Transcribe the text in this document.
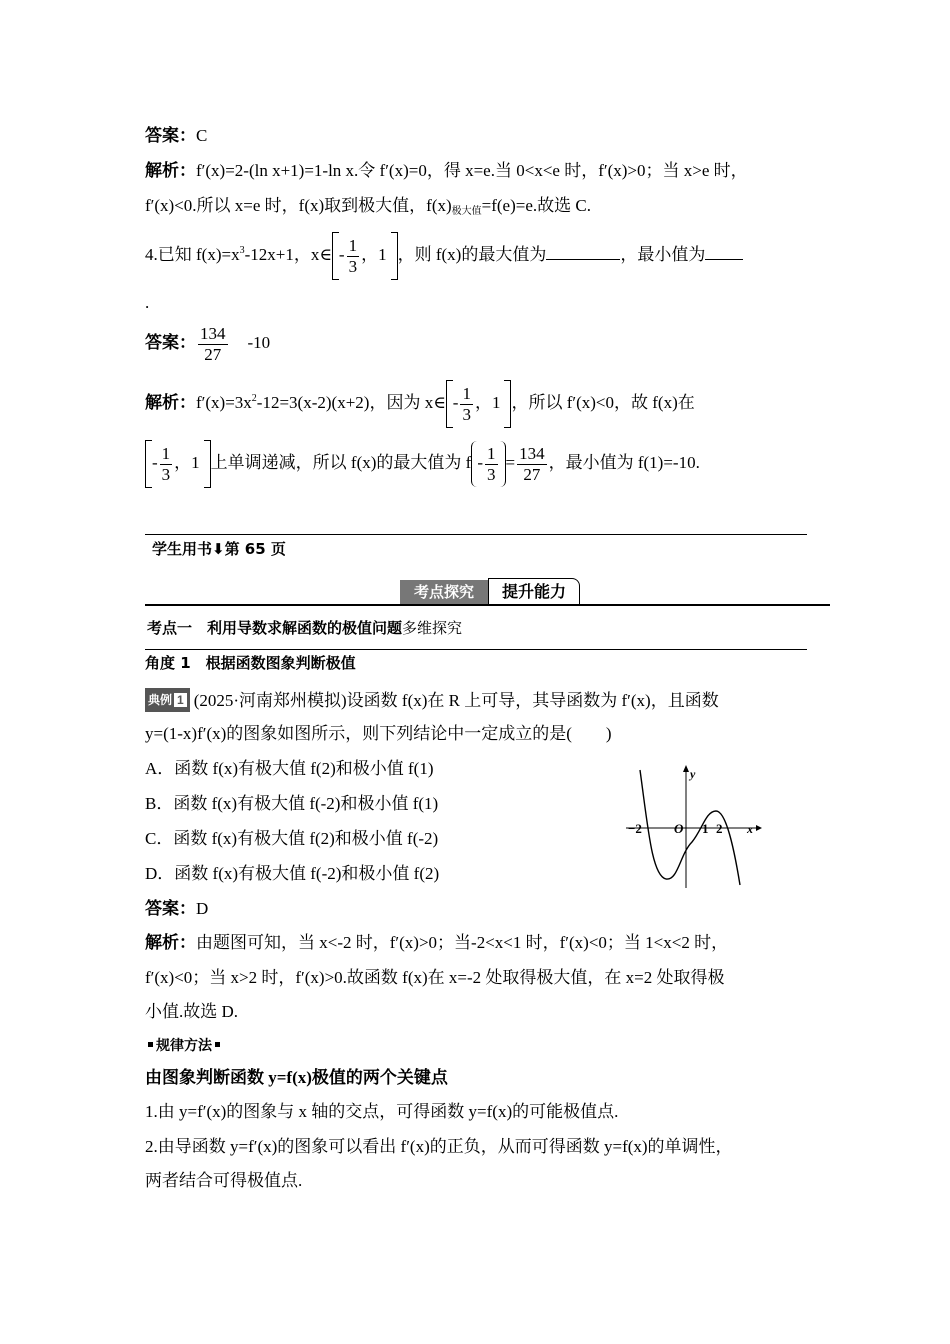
答案：C
解析：f′(x)=2-(ln x+1)=1-ln x.令 f′(x)=0，得 x=e.当 0<x<e 时，f′(x)>0；当 x>e 时，
f′(x)<0.所以 x=e 时，f(x)取到极大值，$f(x)_{极大值}=f(e)=e$.故选 C.
4.已知 $f(x)=x^3-12x+1$，x∈ - $\frac{1}{3}$ ，1 ，则 f(x)的最大值为	，最小值为
.
答案： $\frac{134}{27} -10$
解析：$f'(x)=3x^2-12=3(x-2)(x+2)$，因为 x∈ - $\frac{1}{3}$ ，1 ，所以 f′(x)<0，故 f(x)在
- $\frac{1}{3}$ ，1 上单调递减，所以 f(x)的最大值为 $f - \frac{1}{3} = \frac{134}{27}$ ，最小值为 f(1)=-10.
学生用书⬇第 65 页
考点探究	提升能力
考点一　利用导数求解函数的极值问题多维探究
角度 1　根据函数图象判断极值
典例 1 (2025·河南郑州模拟)设函数 f(x)在 R 上可导，其导函数为 f′(x)，且函数
y=(1-x)f′(x)的图象如图所示，则下列结论中一定成立的是(　　)
A．函数 f(x)有极大值 f(2)和极小值 f(1)
B．函数 f(x)有极大值 f(-2)和极小值 f(1)
C．函数 f(x)有极大值 f(2)和极小值 f(-2)
D．函数 f(x)有极大值 f(-2)和极小值 f(2)
y
x
O
−2	1 2
答案：D
解析：由题图可知，当 x<-2 时，f′(x)>0；当-2<x<1 时，f′(x)<0；当 1<x<2 时，
f′(x)<0；当 x>2 时，f′(x)>0.故函数 f(x)在 x=-2 处取得极大值，在 x=2 处取得极
小值.故选 D.
规律方法
由图象判断函数 y=f(x)极值的两个关键点
1.由 y=f′(x)的图象与 x 轴的交点，可得函数 y=f(x)的可能极值点.
2.由导函数 y=f′(x)的图象可以看出 f′(x)的正负，从而可得函数 y=f(x)的单调性，
两者结合可得极值点.
